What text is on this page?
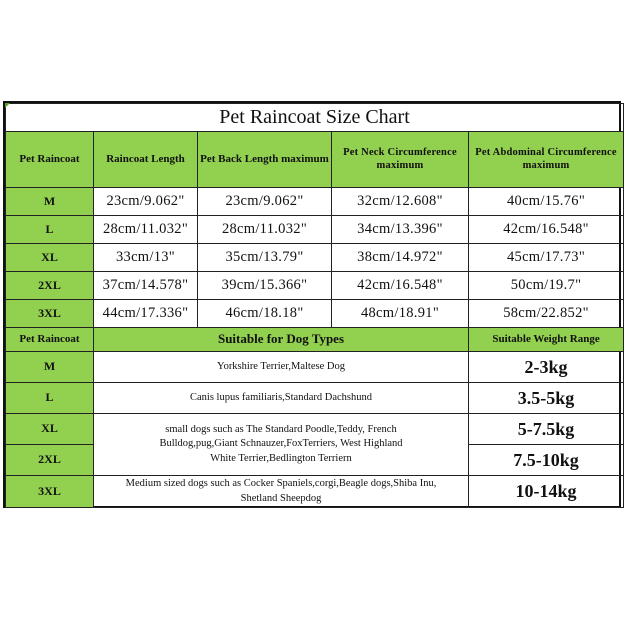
Pet Raincoat Size Chart				
Pet Raincoat	Raincoat Length	Pet Back Length maximum	Pet Neck Circumference maximum	Pet Abdominal Circumference maximum
M	23cm/9.062"	23cm/9.062"	32cm/12.608"	40cm/15.76"
L	28cm/11.032"	28cm/11.032"	34cm/13.396"	42cm/16.548"
XL	33cm/13"	35cm/13.79"	38cm/14.972"	45cm/17.73"
2XL	37cm/14.578"	39cm/15.366"	42cm/16.548"	50cm/19.7"
3XL	44cm/17.336"	46cm/18.18"	48cm/18.91"	58cm/22.852"
Pet Raincoat	Suitable for Dog Types			Suitable Weight Range
M	Yorkshire Terrier,Maltese Dog			2-3kg
L	Canis lupus familiaris,Standard Dachshund			3.5-5kg
XL	small dogs such as The Standard Poodle,Teddy, French Bulldog,pug,Giant Schnauzer,FoxTerriers, West Highland White Terrier,Bedlington Terriern			5-7.5kg
2XL				7.5-10kg
3XL	Medium sized dogs such as Cocker Spaniels,corgi,Beagle dogs,Shiba Inu, Shetland Sheepdog			10-14kg
